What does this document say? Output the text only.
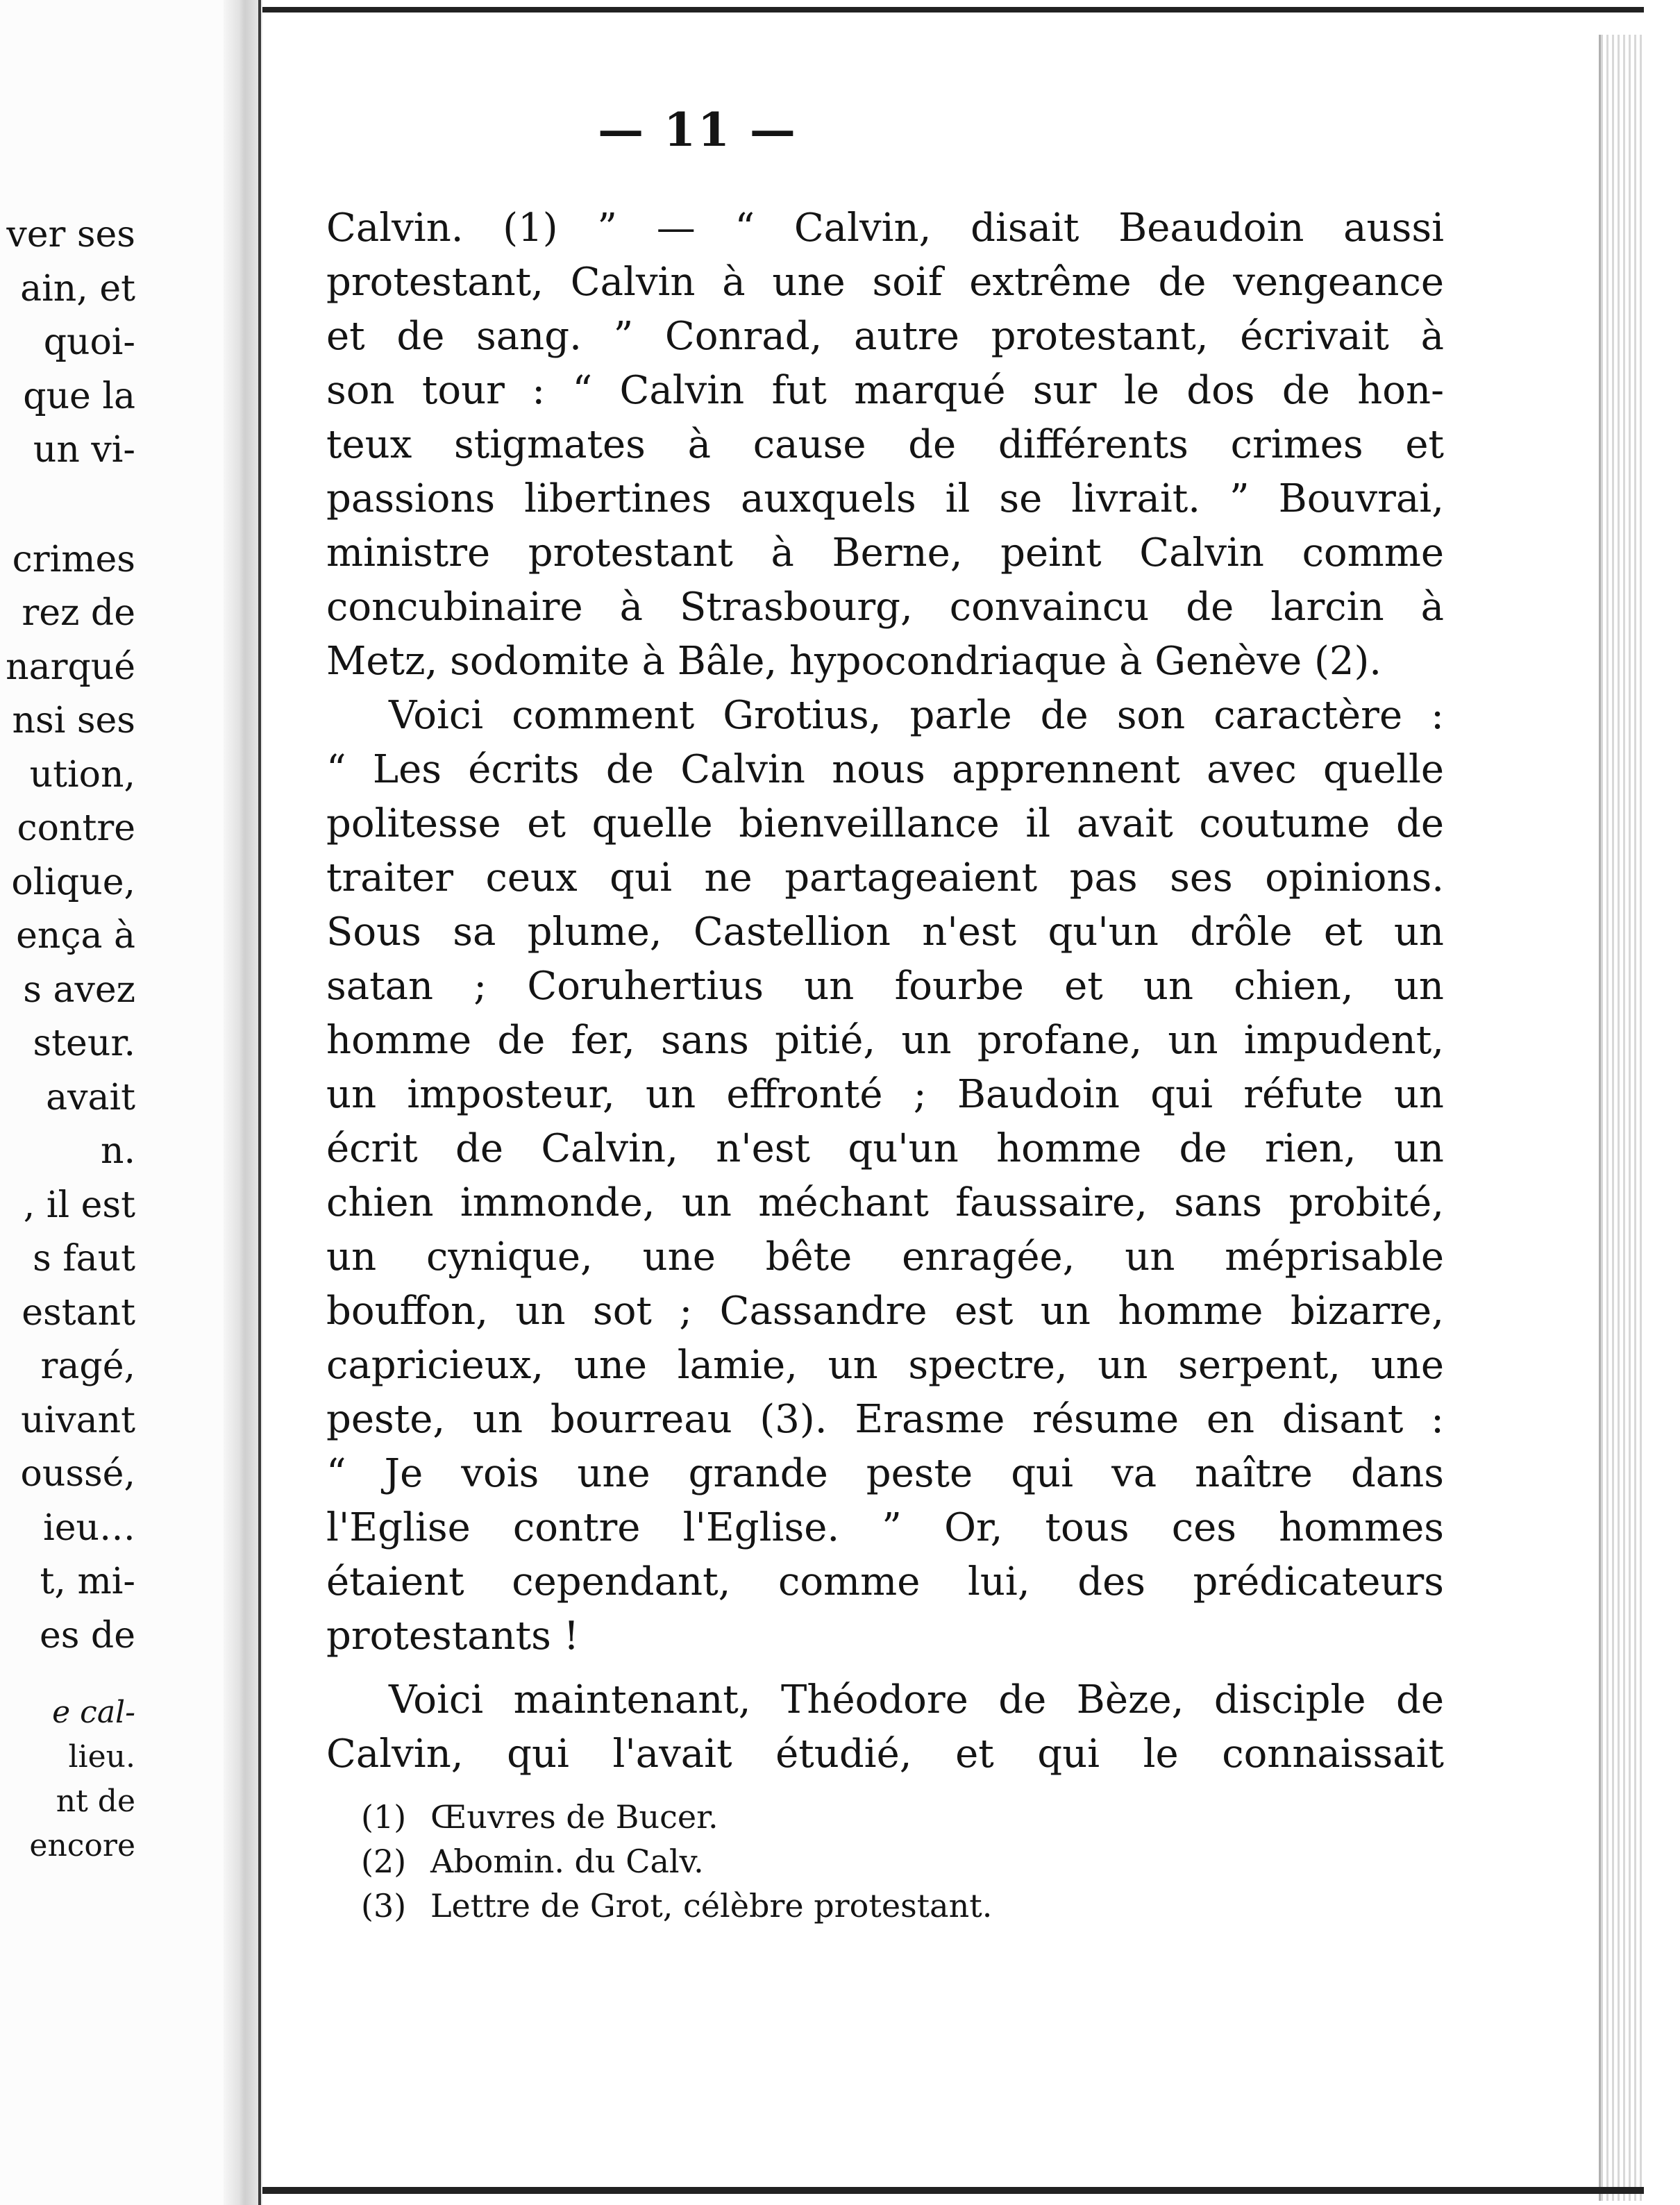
ver ses
ain, et
quoi-
que la
un vi-
crimes
rez de
narqué
nsi ses
ution,
contre
olique,
ença à
s avez
steur.
avait
n.
, il est
s faut
estant
ragé,
uivant
oussé,
ieu…
t, mi-
es de
e cal-
lieu.
nt de
encore
— 11 —
Calvin. (1) ” — “ Calvin, disait Beaudoin aussi
protestant, Calvin à une soif extrême de vengeance
et de sang. ” Conrad, autre protestant, écrivait à
son tour : “ Calvin fut marqué sur le dos de hon-
teux stigmates à cause de différents crimes et
passions libertines auxquels il se livrait. ” Bouvrai,
ministre protestant à Berne, peint Calvin comme
concubinaire à Strasbourg, convaincu de larcin à
Metz, sodomite à Bâle, hypocondriaque à Genève (2).
Voici comment Grotius, parle de son caractère :
“ Les écrits de Calvin nous apprennent avec quelle
politesse et quelle bienveillance il avait coutume de
traiter ceux qui ne partageaient pas ses opinions.
Sous sa plume, Castellion n'est qu'un drôle et un
satan ; Coruhertius un fourbe et un chien, un
homme de fer, sans pitié, un profane, un impudent,
un imposteur, un effronté ; Baudoin qui réfute un
écrit de Calvin, n'est qu'un homme de rien, un
chien immonde, un méchant faussaire, sans probité,
un cynique, une bête enragée, un méprisable
bouffon, un sot ; Cassandre est un homme bizarre,
capricieux, une lamie, un spectre, un serpent, une
peste, un bourreau (3). Erasme résume en disant :
“ Je vois une grande peste qui va naître dans
l'Eglise contre l'Eglise. ” Or, tous ces hommes
étaient cependant, comme lui, des prédicateurs
protestants !
Voici maintenant, Théodore de Bèze, disciple de
Calvin, qui l'avait étudié, et qui le connaissait
(1) Œuvres de Bucer.
(2) Abomin. du Calv.
(3) Lettre de Grot, célèbre protestant.
